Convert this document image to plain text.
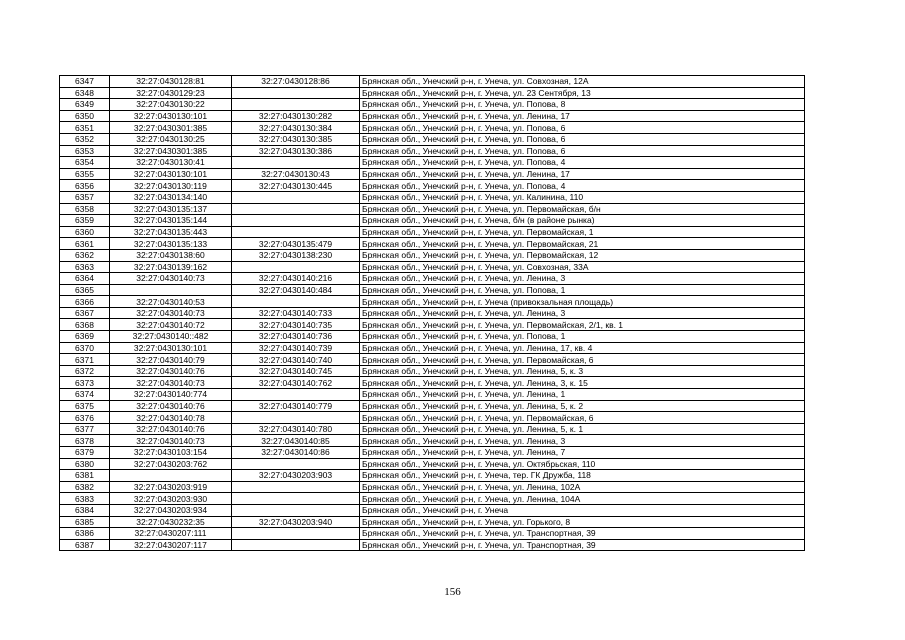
6347	32:27:0430128:81	32:27:0430128:86	Брянская обл., Унечский р-н, г. Унеча, ул. Совхозная, 12А
6348	32:27:0430129:23		Брянская обл., Унечский р-н, г. Унеча, ул. 23 Сентября, 13
6349	32:27:0430130:22		Брянская обл., Унечский р-н, г. Унеча, ул. Попова, 8
6350	32:27:0430130:101	32:27:0430130:282	Брянская обл., Унечский р-н, г. Унеча, ул. Ленина, 17
6351	32:27:0430301:385	32:27:0430130:384	Брянская обл., Унечский р-н, г. Унеча, ул. Попова, 6
6352	32:27:0430130:25	32:27:0430130:385	Брянская обл., Унечский р-н, г. Унеча, ул. Попова, 6
6353	32:27:0430301:385	32:27:0430130:386	Брянская обл., Унечский р-н, г. Унеча, ул. Попова, 6
6354	32:27:0430130:41		Брянская обл., Унечский р-н, г. Унеча, ул. Попова, 4
6355	32:27:0430130:101	32:27:0430130:43	Брянская обл., Унечский р-н, г. Унеча, ул. Ленина, 17
6356	32:27:0430130:119	32:27:0430130:445	Брянская обл., Унечский р-н, г. Унеча, ул. Попова, 4
6357	32:27:0430134:140		Брянская обл., Унечский р-н, г. Унеча, ул. Калинина, 110
6358	32:27:0430135:137		Брянская обл., Унечский р-н, г. Унеча, ул. Первомайская, б/н
6359	32:27:0430135:144		Брянская обл., Унечский р-н, г. Унеча, б/н (в районе рынка)
6360	32:27:0430135:443		Брянская обл., Унечский р-н, г. Унеча, ул. Первомайская, 1
6361	32:27:0430135:133	32:27:0430135:479	Брянская обл., Унечский р-н, г. Унеча, ул. Первомайская, 21
6362	32:27:0430138:60	32:27:0430138:230	Брянская обл., Унечский р-н, г. Унеча, ул. Первомайская, 12
6363	32:27:0430139:162		Брянская обл., Унечский р-н, г. Унеча, ул. Совхозная, 33А
6364	32:27:0430140:73	32:27:0430140:216	Брянская обл., Унечский р-н, г. Унеча, ул. Ленина, 3
6365		32:27:0430140:484	Брянская обл., Унечский р-н, г. Унеча, ул. Попова, 1
6366	32:27:0430140:53		Брянская обл., Унечский р-н, г. Унеча (привокзальная площадь)
6367	32:27:0430140:73	32:27:0430140:733	Брянская обл., Унечский р-н, г. Унеча, ул. Ленина, 3
6368	32:27:0430140:72	32:27:0430140:735	Брянская обл., Унечский р-н, г. Унеча, ул. Первомайская, 2/1, кв. 1
6369	32:27:0430140::482	32:27:0430140:736	Брянская обл., Унечский р-н, г. Унеча, ул. Попова, 1
6370	32:27:0430130:101	32:27:0430140:739	Брянская обл., Унечский р-н, г. Унеча, ул. Ленина, 17, кв. 4
6371	32:27:0430140:79	32:27:0430140:740	Брянская обл., Унечский р-н, г. Унеча, ул. Первомайская, 6
6372	32:27:0430140:76	32:27:0430140:745	Брянская обл., Унечский р-н, г. Унеча, ул. Ленина, 5, к. 3
6373	32:27:0430140:73	32:27:0430140:762	Брянская обл., Унечский р-н, г. Унеча, ул. Ленина, 3, к. 15
6374	32:27:0430140:774		Брянская обл., Унечский р-н, г. Унеча, ул. Ленина, 1
6375	32:27:0430140:76	32:27:0430140:779	Брянская обл., Унечский р-н, г. Унеча, ул. Ленина, 5, к. 2
6376	32:27:0430140:78		Брянская обл., Унечский р-н, г. Унеча, ул. Первомайская, 6
6377	32:27:0430140:76	32:27:0430140:780	Брянская обл., Унечский р-н, г. Унеча, ул. Ленина, 5, к. 1
6378	32:27:0430140:73	32:27:0430140:85	Брянская обл., Унечский р-н, г. Унеча, ул. Ленина, 3
6379	32:27:0430103:154	32:27:0430140:86	Брянская обл., Унечский р-н, г. Унеча, ул. Ленина, 7
6380	32:27:0430203:762		Брянская обл., Унечский р-н, г. Унеча, ул. Октябрьская, 110
6381		32:27:0430203:903	Брянская обл., Унечский р-н, г. Унеча, тер. ГК Дружба, 118
6382	32:27:0430203:919		Брянская обл., Унечский р-н, г. Унеча, ул. Ленина, 102А
6383	32:27:0430203:930		Брянская обл., Унечский р-н, г. Унеча, ул. Ленина, 104А
6384	32:27:0430203:934		Брянская обл., Унечский р-н, г. Унеча
6385	32:27:0430232:35	32:27:0430203:940	Брянская обл., Унечский р-н, г. Унеча, ул. Горького, 8
6386	32:27:0430207:111		Брянская обл., Унечский р-н, г. Унеча, ул. Транспортная, 39
6387	32:27:0430207:117		Брянская обл., Унечский р-н, г. Унеча, ул. Транспортная, 39
156
